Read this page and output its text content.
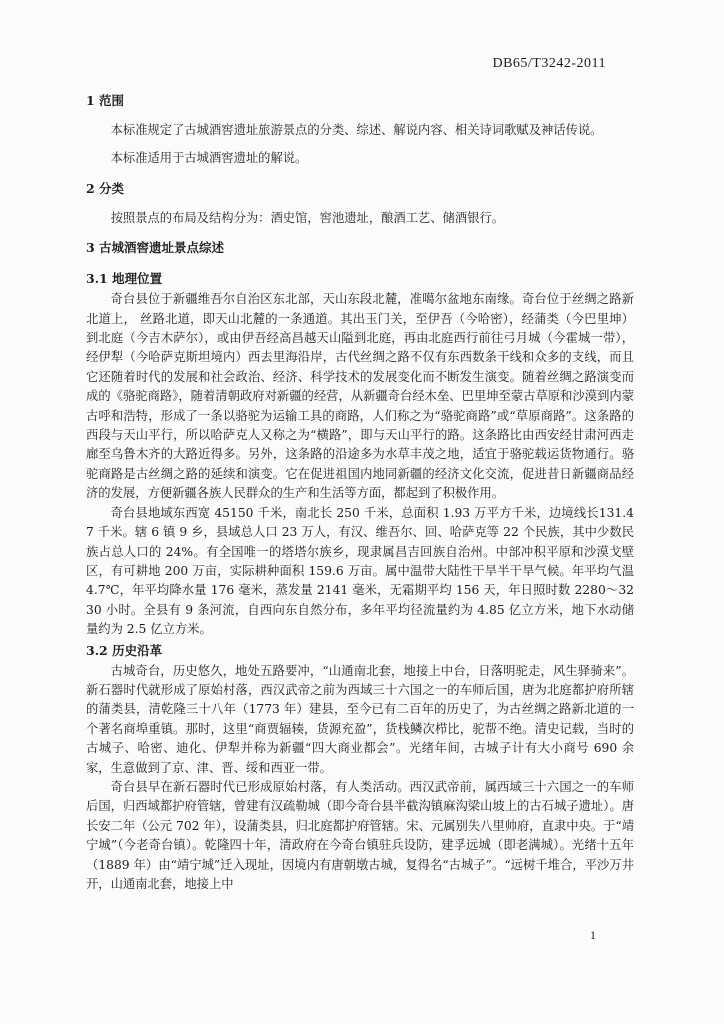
DB65/T3242-2011
1 范围

本标准规定了古城酒窖遗址旅游景点的分类、综述、解说内容、相关诗词歌赋及神话传说。

本标准适用于古城酒窖遗址的解说。

2 分类

按照景点的布局及结构分为：酒史馆，窖池遗址，酿酒工艺、储酒银行。

3 古城酒窖遗址景点综述
3.1 地理位置

奇台县位于新疆维吾尔自治区东北部，天山东段北麓，准噶尔盆地东南缘。奇台位于丝绸之路新北道上， 丝路北道，即天山北麓的一条通道。其出玉门关，至伊吾（今哈密），经蒲类（今巴里坤）到北庭（今吉木萨尔），或由伊吾经高昌越天山隘到北庭，再由北庭西行前往弓月城（今霍城一带），经伊犁（今哈萨克斯坦境内）西去里海沿岸，古代丝绸之路不仅有东西数条干线和众多的支线，而且它还随着时代的发展和社会政治、经济、科学技术的发展变化而不断发生演变。随着丝绸之路演变而成的《骆驼商路》，随着清朝政府对新疆的经营，从新疆奇台经木垒、巴里坤至蒙古草原和沙漠到内蒙古呼和浩特，形成了一条以骆驼为运输工具的商路，人们称之为“骆驼商路”或“草原商路”。这条路的西段与天山平行，所以哈萨克人又称之为“横路”，即与天山平行的路。这条路比由西安经甘肃河西走廊至乌鲁木齐的大路近得多。另外，这条路的沿途多为水草丰茂之地，适宜于骆驼载运货物通行。骆驼商路是古丝绸之路的延续和演变。它在促进祖国内地同新疆的经济文化交流，促进昔日新疆商品经济的发展，方便新疆各族人民群众的生产和生活等方面，都起到了积极作用。

奇台县地域东西宽 45150 千米，南北长 250 千米，总面积 1.93 万平方千米，边境线长131.47 千米。辖 6 镇 9 乡，县域总人口 23 万人，有汉、维吾尔、回、哈萨克等 22 个民族，其中少数民族占总人口的 24%。有全国唯一的塔塔尔族乡，现隶属昌吉回族自治州。中部冲积平原和沙漠戈壁区，有可耕地 200 万亩，实际耕种面积 159.6 万亩。属中温带大陆性干旱半干旱气候。年平均气温 4.7℃，年平均降水量 176 毫米，蒸发量 2141 毫米，无霜期平均 156 天，年日照时数 2280～3230 小时。全县有 9 条河流，自西向东自然分布，多年平均径流量约为 4.85 亿立方米，地下水动储量约为 2.5 亿立方米。

3.2 历史沿革

古城奇台，历史悠久，地处五路要冲，“山通南北套，地接上中台，日落明驼走，风生驿骑来”。新石器时代就形成了原始村落，西汉武帝之前为西域三十六国之一的车师后国，唐为北庭都护府所辖的蒲类县，清乾隆三十八年（1773 年）建县，至今已有二百年的历史了，为古丝绸之路新北道的一个著名商埠重镇。那时，这里“商贾辐辏，货源充盈”，货栈鳞次栉比，驼帮不绝。清史记载，当时的古城子、哈密、迪化、伊犁并称为新疆“四大商业都会”。光绪年间，古城子计有大小商号 690 余家，生意做到了京、津、晋、绥和西亚一带。

奇台县早在新石器时代已形成原始村落，有人类活动。西汉武帝前，属西域三十六国之一的车师后国，归西域都护府管辖，曾建有汉疏勒城（即今奇台县半截沟镇麻沟梁山坡上的古石城子遗址）。唐长安二年（公元 702 年），设蒲类县，归北庭都护府管辖。宋、元属别失八里帅府，直隶中央。于“靖宁城”（今老奇台镇）。乾隆四十年，清政府在今奇台镇驻兵设防，建孚远城（即老满城）。光绪十五年（1889 年）由“靖宁城”迁入现址，因境内有唐朝墩古城，复得名“古城子”。“远树千堆合，平沙万井开，山通南北套，地接上中

1
